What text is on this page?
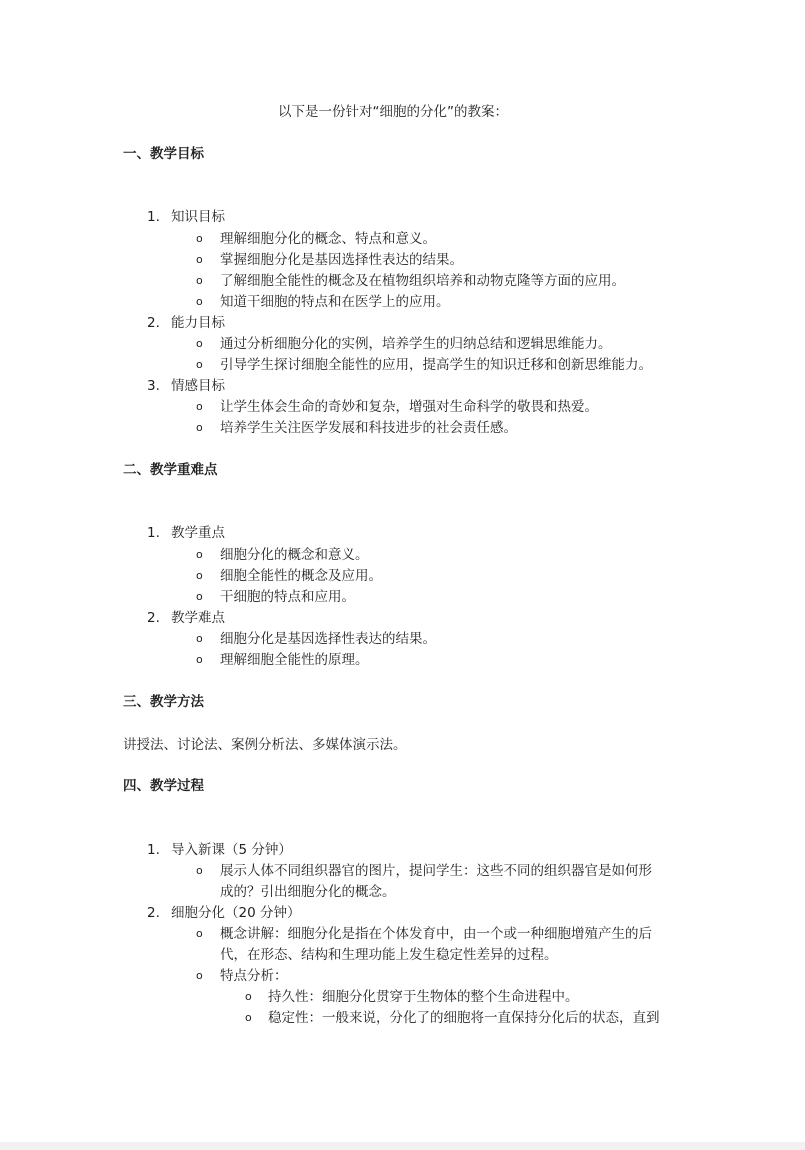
以下是一份针对“细胞的分化”的教案：
一、教学目标
1. 知识目标
o 理解细胞分化的概念、特点和意义。
o 掌握细胞分化是基因选择性表达的结果。
o 了解细胞全能性的概念及在植物组织培养和动物克隆等方面的应用。
o 知道干细胞的特点和在医学上的应用。
2. 能力目标
o 通过分析细胞分化的实例，培养学生的归纳总结和逻辑思维能力。
o 引导学生探讨细胞全能性的应用，提高学生的知识迁移和创新思维能力。
3. 情感目标
o 让学生体会生命的奇妙和复杂，增强对生命科学的敬畏和热爱。
o 培养学生关注医学发展和科技进步的社会责任感。
二、教学重难点
1. 教学重点
o 细胞分化的概念和意义。
o 细胞全能性的概念及应用。
o 干细胞的特点和应用。
2. 教学难点
o 细胞分化是基因选择性表达的结果。
o 理解细胞全能性的原理。
三、教学方法
讲授法、讨论法、案例分析法、多媒体演示法。
四、教学过程
1. 导入新课（5 分钟）
o 展示人体不同组织器官的图片，提问学生：这些不同的组织器官是如何形
成的？引出细胞分化的概念。
2. 细胞分化（20 分钟）
o 概念讲解：细胞分化是指在个体发育中，由一个或一种细胞增殖产生的后
代，在形态、结构和生理功能上发生稳定性差异的过程。
o 特点分析：
o 持久性：细胞分化贯穿于生物体的整个生命进程中。
o 稳定性：一般来说，分化了的细胞将一直保持分化后的状态，直到
